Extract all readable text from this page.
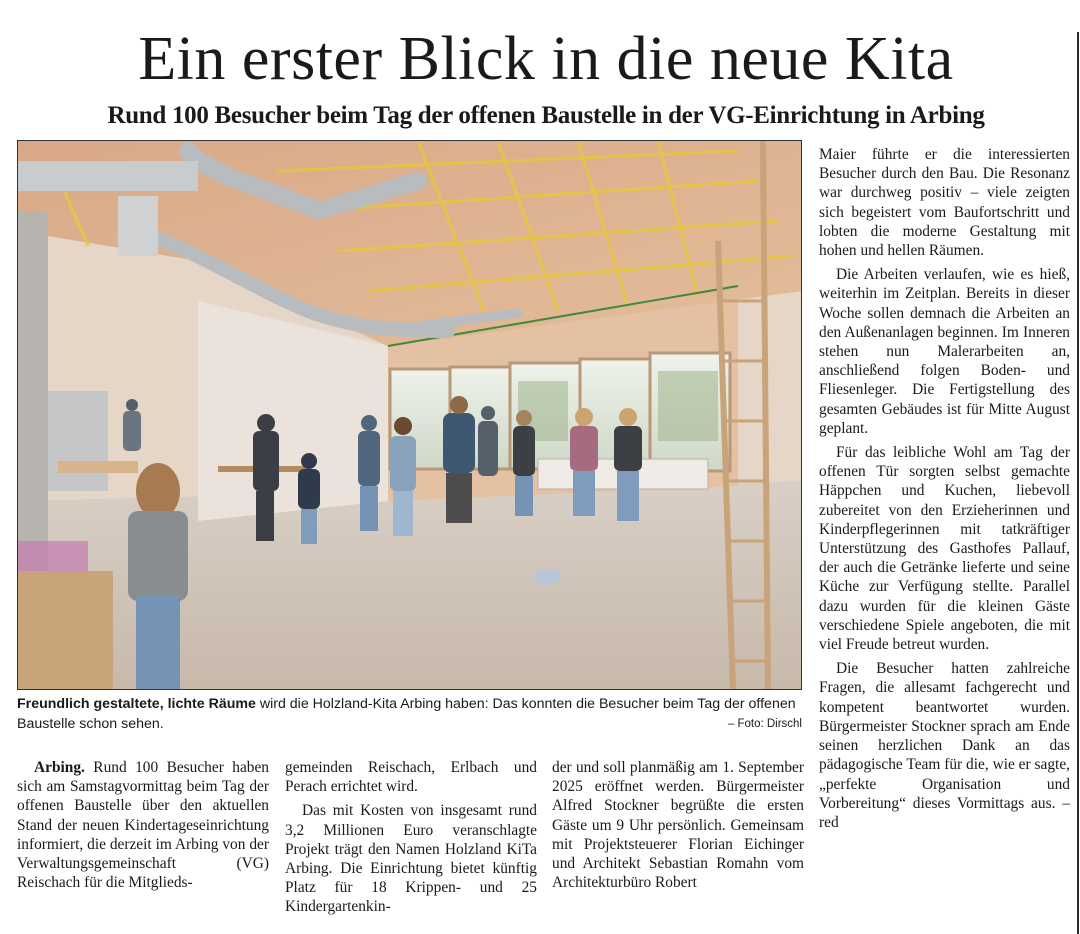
Ein erster Blick in die neue Kita
Rund 100 Besucher beim Tag der offenen Baustelle in der VG-Einrichtung in Arbing
Freundlich gestaltete, lichte Räume wird die Holzland-Kita Arbing haben: Das konnten die Besucher beim Tag der offenen Baustelle schon sehen.	– Foto: Dirschl

Arbing. Rund 100 Besucher haben sich am Samstagvormittag beim Tag der offenen Baustelle über den aktuellen Stand der neuen Kindertageseinrichtung informiert, die derzeit im Arbing von der Verwaltungsgemeinschaft (VG) Reischach für die Mitglieds-

gemeinden Reischach, Erlbach und Perach errichtet wird.

Das mit Kosten von insgesamt rund 3,2 Millionen Euro veranschlagte Projekt trägt den Namen Holzland KiTa Arbing. Die Einrichtung bietet künftig Platz für 18 Krippen- und 25 Kindergartenkin-

der und soll planmäßig am 1. September 2025 eröffnet werden. Bürgermeister Alfred Stockner begrüßte die ersten Gäste um 9 Uhr persönlich. Gemeinsam mit Projektsteuerer Florian Eichinger und Architekt Sebastian Romahn vom Architekturbüro Robert

Maier führte er die interessierten Besucher durch den Bau. Die Resonanz war durchweg positiv – viele zeigten sich begeistert vom Baufortschritt und lobten die moderne Gestaltung mit hohen und hellen Räumen.

Die Arbeiten verlaufen, wie es hieß, weiterhin im Zeitplan. Bereits in dieser Woche sollen demnach die Arbeiten an den Außenanlagen beginnen. Im Inneren stehen nun Malerarbeiten an, anschließend folgen Boden- und Fliesenleger. Die Fertigstellung des gesamten Gebäudes ist für Mitte August geplant.

Für das leibliche Wohl am Tag der offenen Tür sorgten selbst gemachte Häppchen und Kuchen, liebevoll zubereitet von den Erzieherinnen und Kinderpflegerinnen mit tatkräftiger Unterstützung des Gasthofes Pallauf, der auch die Getränke lieferte und seine Küche zur Verfügung stellte. Parallel dazu wurden für die kleinen Gäste verschiedene Spiele angeboten, die mit viel Freude betreut wurden.

Die Besucher hatten zahlreiche Fragen, die allesamt fachgerecht und kompetent beantwortet wurden. Bürgermeister Stockner sprach am Ende seinen herzlichen Dank an das pädagogische Team für die, wie er sagte, „perfekte Organisation und Vorbereitung“ dieses Vormittags aus. – red
